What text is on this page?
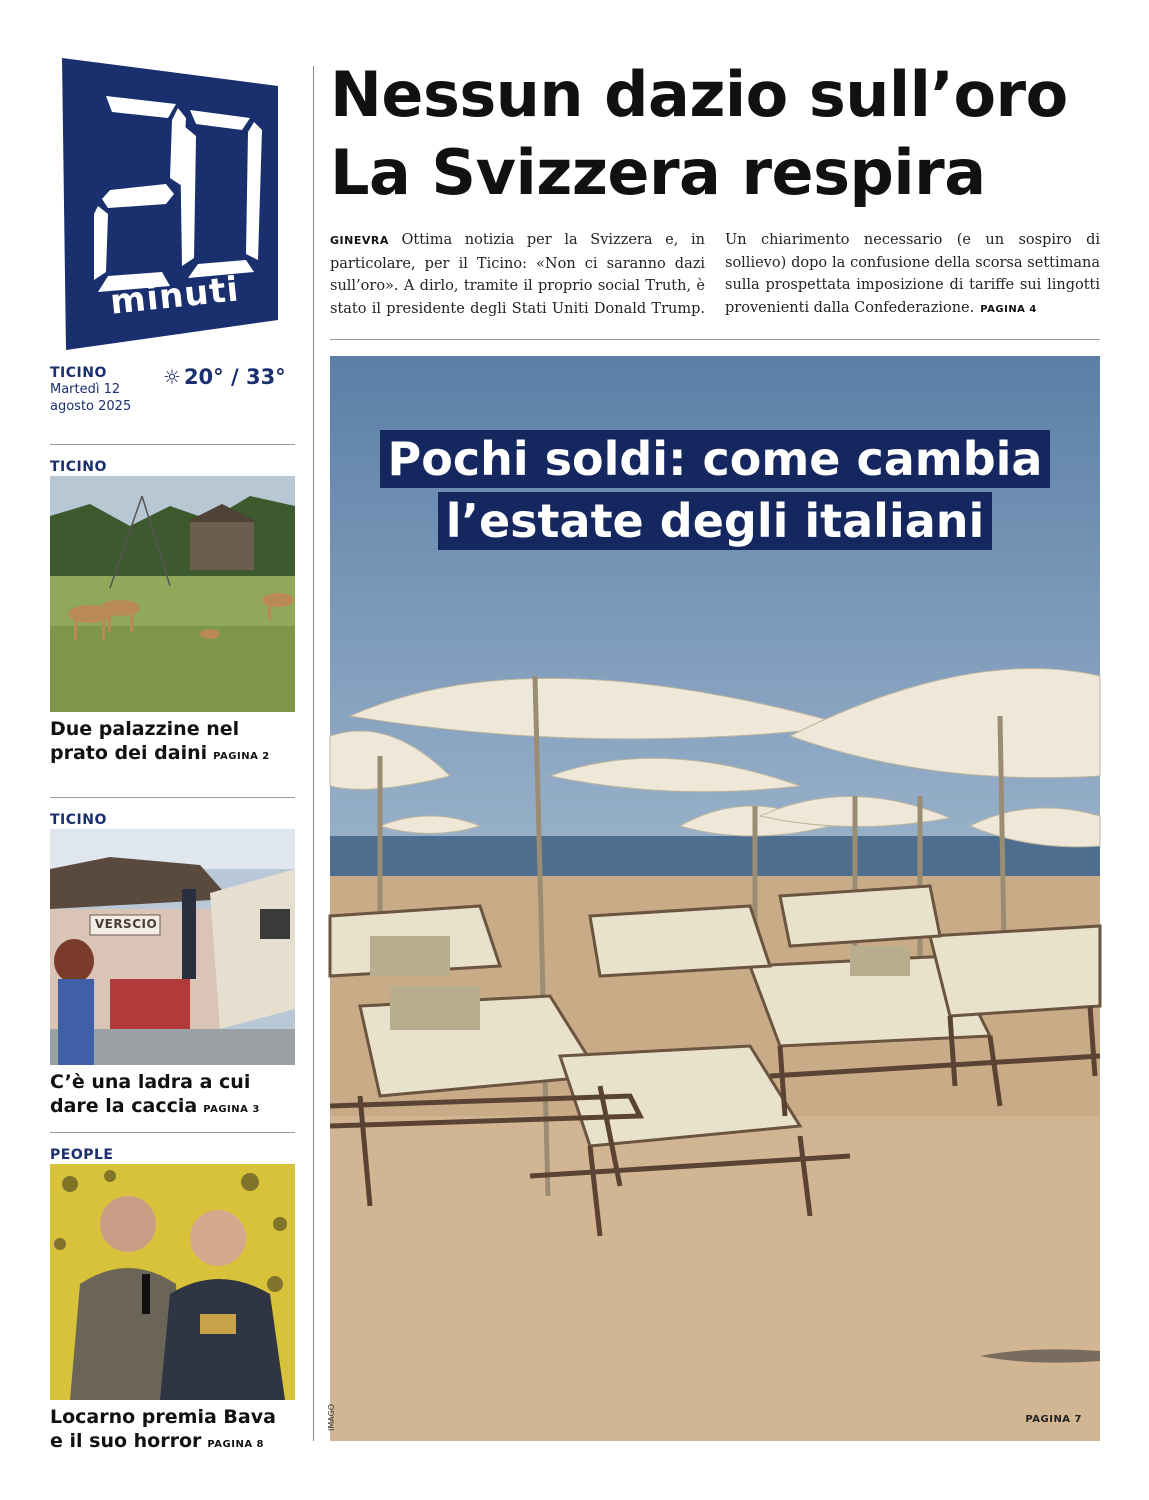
minuti
TICINO
Martedì 12
agosto 2025
☼ 20° / 33°
TICINO
Due palazzine nel prato dei daini PAGINA 2
TICINO
VERSCIO
C’è una ladra a cui dare la caccia PAGINA 3
PEOPLE
Locarno premia Bava e il suo horror PAGINA 8
Nessun dazio sull’oro
La Svizzera respira
GINEVRA Ottima notizia per la Svizzera e, in particolare, per il Ticino: «Non ci saranno dazi sull’oro». A dirlo, tramite il proprio social Truth, è stato il presidente degli Stati Uniti Donald Trump. Un chiarimento necessario (e un sospiro di sollievo) dopo la confusione della scorsa settimana sulla prospettata imposizione di tariffe sui lingotti provenienti dalla Confederazione. PAGINA 4
Pochi soldi: come cambia
l’estate degli italiani
IMAGO	PAGINA 7
